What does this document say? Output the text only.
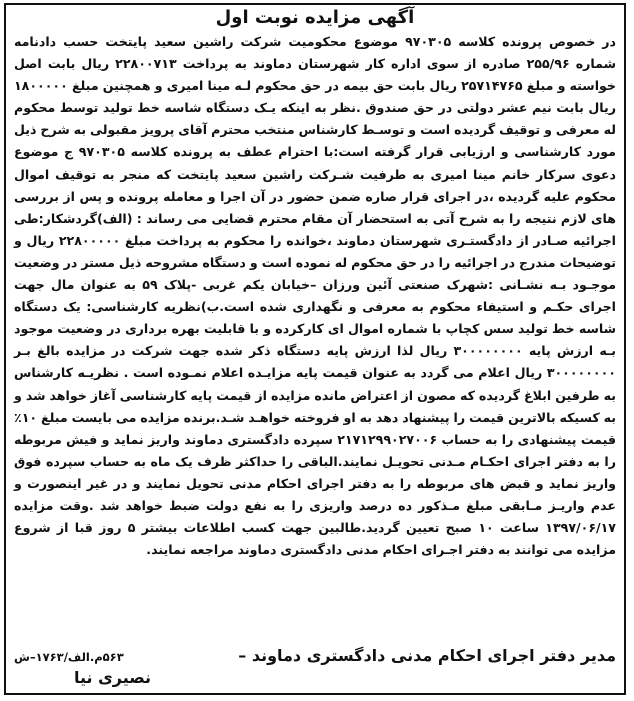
آگهی مزایده نوبت اول
در خصوص پرونده کلاسه ۹۷۰۳۰۵ موضوع محکومیت شرکت راشین سعید پایتخت حسب دادنامه شماره ۲۵۵/۹۶ صادره از سوی اداره کار شهرستان دماوند به پرداخت ۲۲۸۰۰۷۱۳ ریال بابت اصل خواسته و مبلغ ۲۵۷۱۴۷۶۵ ریال بابت حق بیمه در حق محکوم لـه مینا امیری و همچنین مبلغ ۱۸۰۰۰۰۰ ریال بابت نیم عشر دولتی در حق صندوق .نظر به اینکه یـک دستگاه شاسه خط تولید توسط محکوم له معرفی و توقیف گردیده است و توسـط کارشناس منتخب محترم آقای پرویز مقبولی به شرح ذیل مورد کارشناسی و ارزیابی قرار گرفته است:با احترام عطف به پرونده کلاسه ۹۷۰۳۰۵ ج موضوع دعوی سرکار خانم مینا امیری به طرفیت شـرکت راشین سعید پایتخت که منجر به توقیف اموال محکوم علیه گردیده ،در اجرای قرار صاره ضمن حضور در آن اجرا و معامله پرونده و پس از بررسی های لازم نتیجه را به شرح آتی به استحضار آن مقام محترم قضایی می رساند : (الف)گردشکار:طی اجرائیه صـادر از دادگستـری شهرستان دماوند ،خوانده را محکوم به پرداخت مبلغ ۲۲۸۰۰۰۰۰ ریال و توضیحات مندرج در اجرائیه را در حق محکوم له نموده است و دستگاه مشروحه ذیل مستر در وضعیت موجـود بـه نشـانی :شهرک صنعتی آئین ورزان –خیابان یکم غربی -پلاک ۵۹ به عنوان مال جهت اجرای حکـم و استیفاء محکوم به معرفی و نگهداری شده است.ب)نظریه کارشناسی: یک دستگاه شاسه خط تولید سس کچاپ با شماره اموال ای کارکرده و با قابلیت بهره برداری در وضعیت موجود بـه ارزش پایه ۳۰۰۰۰۰۰۰۰ ریال لذا ارزش پایه دستگاه ذکر شده جهت شرکت در مزایده بالغ بـر ۳۰۰۰۰۰۰۰۰ ریال اعلام می گردد به عنوان قیمت پایه مزایـده اعلام نمـوده است . نظریـه کارشناس به طرفین ابلاغ گردیده که مصون از اعتراض مانده مزایده از قیمت پایه کارشناسی آغاز خواهد شد و به کسیکه بالاترین قیمت را پیشنهاد دهد به او فروخته خواهـد شـد.برنده مزایده می بایست مبلغ ۱۰٪ قیمت پیشنهادی را به حساب ۲۱۷۱۲۹۹۰۲۷۰۰۶ سپرده دادگستری دماوند واریز نماید و فیش مربوطه را به دفتر اجرای احکـام مـدنی تحویـل نمایند.الباقی را حداکثر ظرف یک ماه به حساب سپرده فوق واریز نماید و قبض های مربوطه را به دفتر اجرای احکام مدنی تحویل نمایند و در غیر اینصورت و عدم واریـز مـابقی مبلغ مـذکور ده درصد واریزی را به نفع دولت ضبط خواهد شد .وقت مزایده ۱۳۹۷/۰۶/۱۷ ساعت ۱۰ صبح تعیین گردید.طالبین جهت کسب اطلاعات بیشتر ۵ روز قبا از شروع مزایده می توانند به دفتر اجـرای احکام مدنی دادگستری دماوند مراجعه نمایند.
مدیر دفتر اجرای احکام مدنی دادگستری دماوند –
۵۶۳م.الف/۱۷۶۳–ش
نصیری نیا
